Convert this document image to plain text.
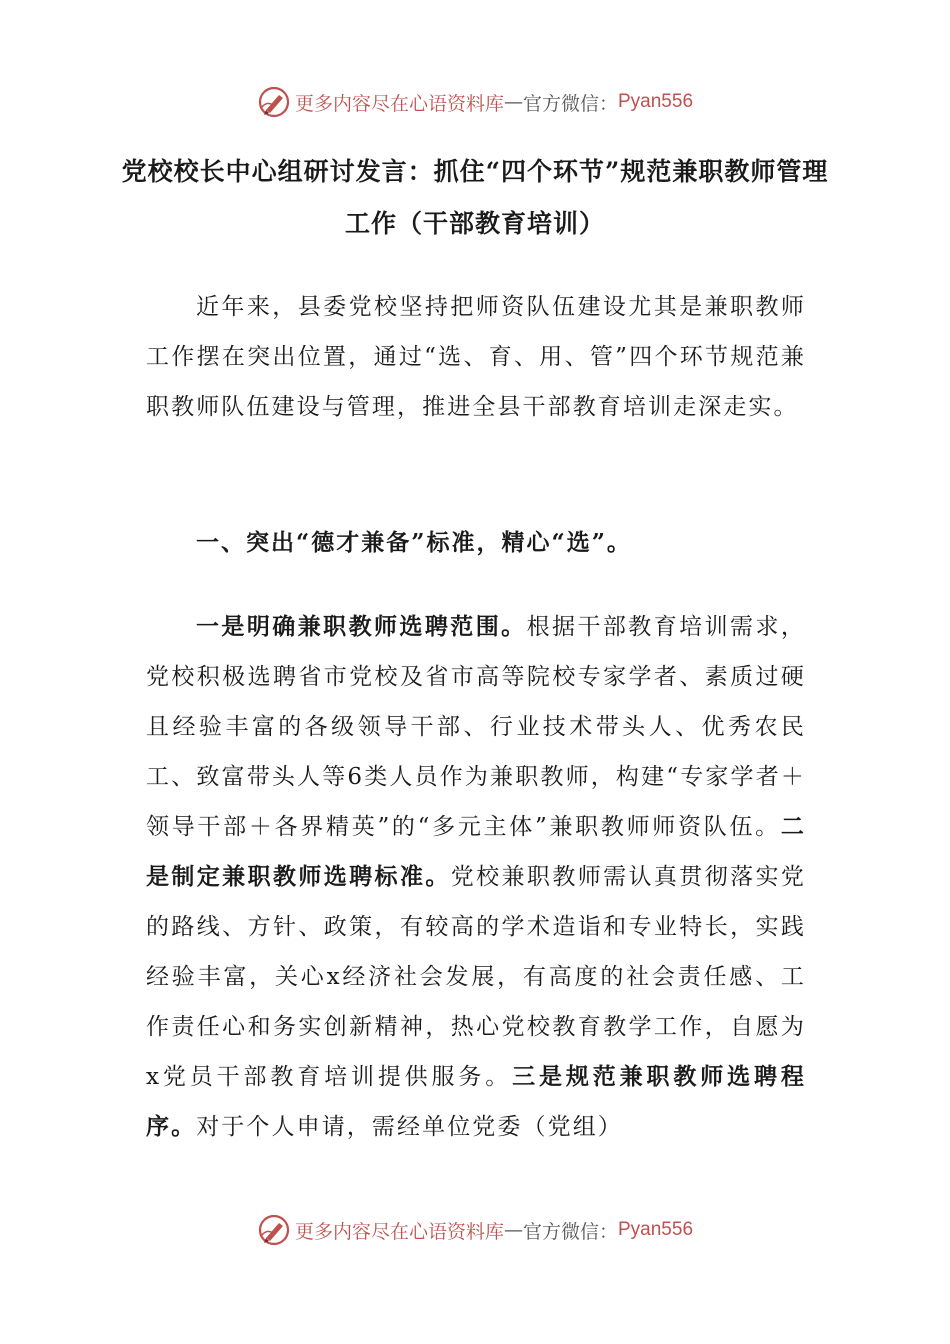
更多内容尽在心语资料库 — 官方微信： Pyan556
党校校长中心组研讨发言：抓住“四个环节”规范兼职教师管理工作（干部教育培训）

近年来，县委党校坚持把师资队伍建设尤其是兼职教师工作摆在突出位置，通过“选、育、用、管”四个环节规范兼职教师队伍建设与管理，推进全县干部教育培训走深走实。

一、突出“德才兼备”标准，精心“选”。

一是明确兼职教师选聘范围。根据干部教育培训需求，党校积极选聘省市党校及省市高等院校专家学者、素质过硬且经验丰富的各级领导干部、行业技术带头人、优秀农民工、致富带头人等6类人员作为兼职教师，构建“专家学者＋领导干部＋各界精英”的“多元主体”兼职教师师资队伍。二是制定兼职教师选聘标准。党校兼职教师需认真贯彻落实党的路线、方针、政策，有较高的学术造诣和专业特长，实践经验丰富，关心x经济社会发展，有高度的社会责任感、工作责任心和务实创新精神，热心党校教育教学工作，自愿为x党员干部教育培训提供服务。三是规范兼职教师选聘程序。对于个人申请，需经单位党委（党组）

更多内容尽在心语资料库 — 官方微信： Pyan556
